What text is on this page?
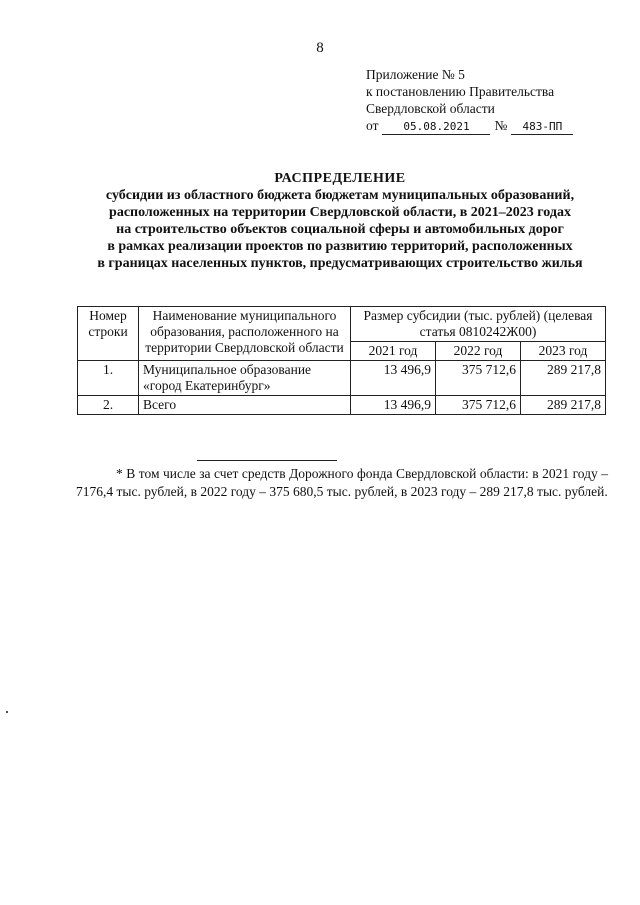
8
Приложение № 5
к постановлению Правительства
Свердловской области
от 05.08.2021 № 483-ПП
РАСПРЕДЕЛЕНИЕ
субсидии из областного бюджета бюджетам муниципальных образований,
расположенных на территории Свердловской области, в 2021–2023 годах
на строительство объектов социальной сферы и автомобильных дорог
в рамках реализации проектов по развитию территорий, расположенных
в границах населенных пунктов, предусматривающих строительство жилья
Номер строки	Наименование муниципального образования, расположенного на территории Свердловской области	Размер субсидии (тыс. рублей) (целевая статья 0810242Ж00)		
		2021 год	2022 год	2023 год
1.	Муниципальное образование «город Екатеринбург»	13 496,9	375 712,6	289 217,8
2.	Всего	13 496,9	375 712,6	289 217,8

* В том числе за счет средств Дорожного фонда Свердловской области: в 2021 году – 7176,4 тыс. рублей, в 2022 году – 375 680,5 тыс. рублей, в 2023 году – 289 217,8 тыс. рублей.
